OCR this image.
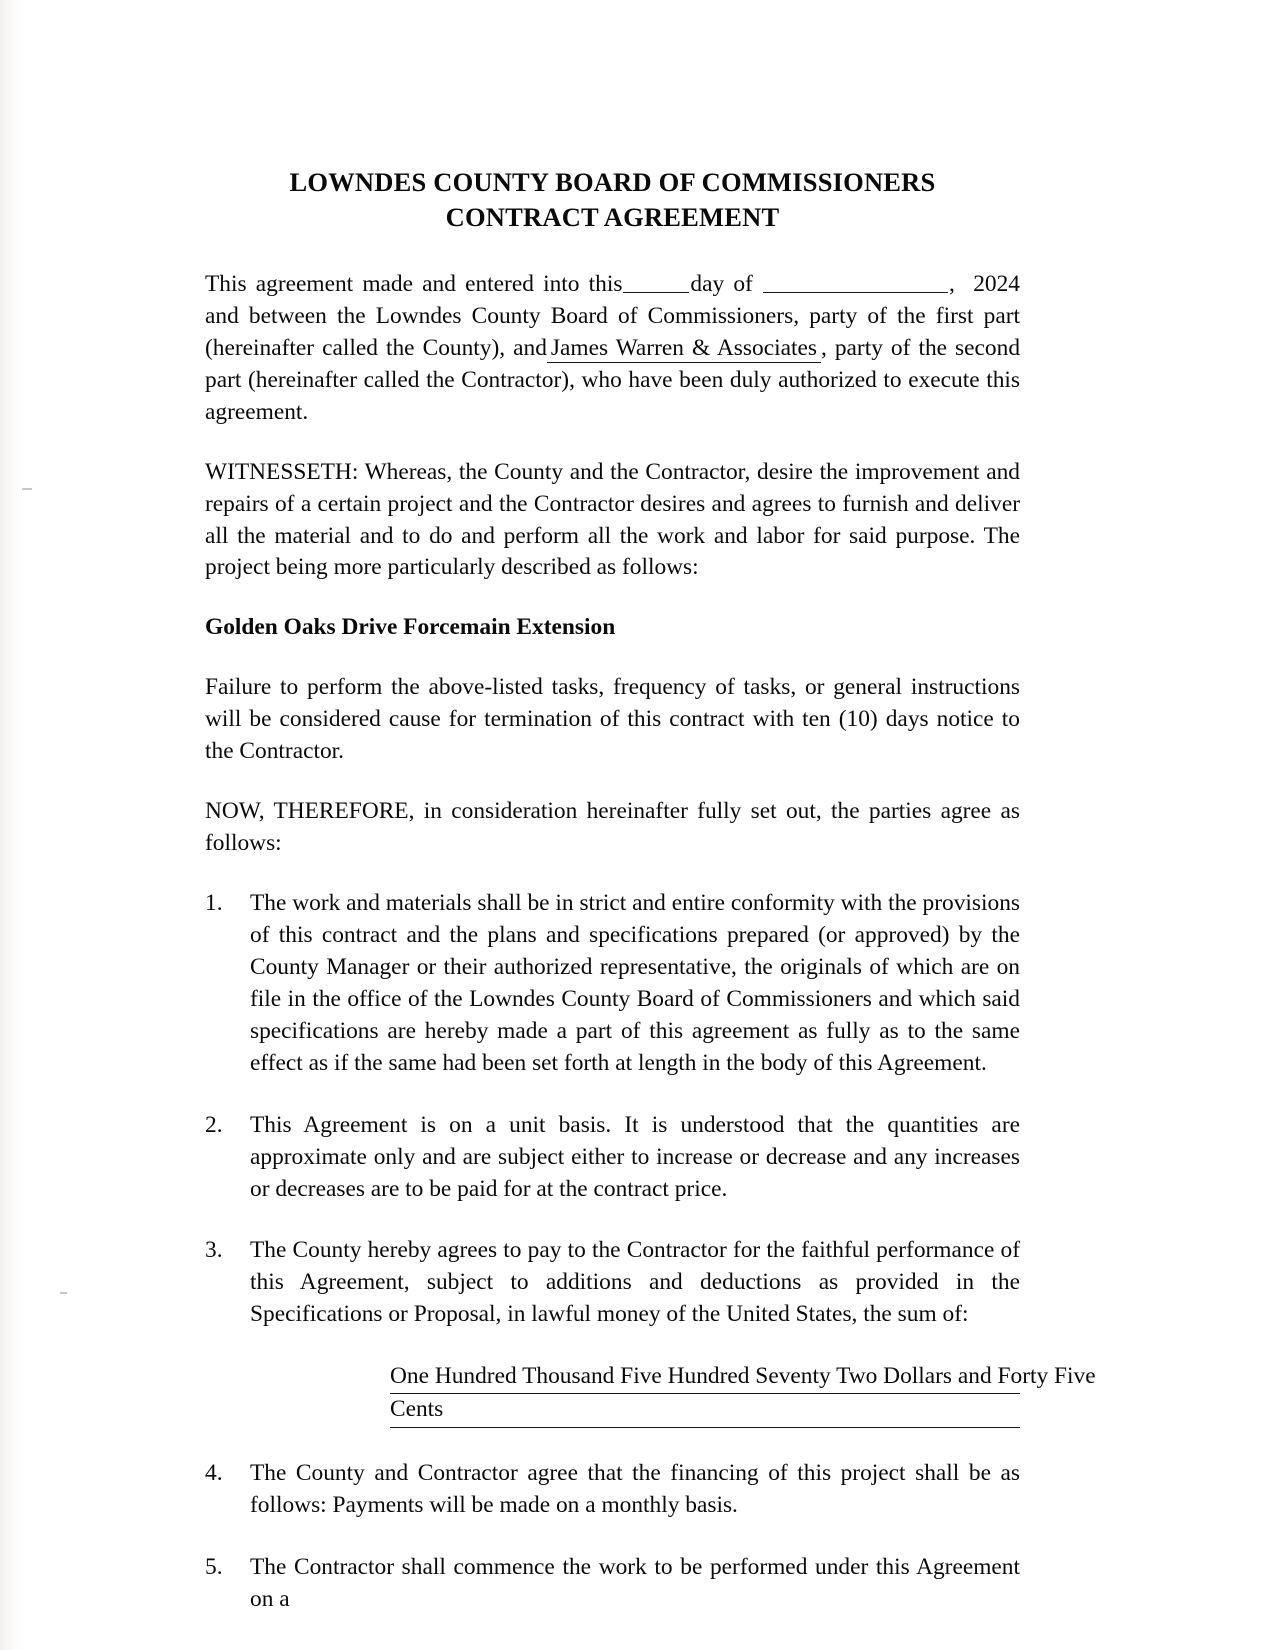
LOWNDES COUNTY BOARD OF COMMISSIONERS
CONTRACT AGREEMENT

This agreement made and entered into this	day of	,  2024 and between the Lowndes County Board of Commissioners, party of the first part (hereinafter called the County), and James Warren & Associates , party of the second part (hereinafter called the Contractor), who have been duly authorized to execute this agreement.

WITNESSETH: Whereas, the County and the Contractor, desire the improvement and repairs of a certain project and the Contractor desires and agrees to furnish and deliver all the material and to do and perform all the work and labor for said purpose. The project being more particularly described as follows:

Golden Oaks Drive Forcemain Extension

Failure to perform the above-listed tasks, frequency of tasks, or general instructions will be considered cause for termination of this contract with ten (10) days notice to the Contractor.

NOW, THEREFORE, in consideration hereinafter fully set out, the parties agree as follows:

1.	The work and materials shall be in strict and entire conformity with the provisions of this contract and the plans and specifications prepared (or approved) by the County Manager or their authorized representative, the originals of which are on file in the office of the Lowndes County Board of Commissioners and which said specifications are hereby made a part of this agreement as fully as to the same effect as if the same had been set forth at length in the body of this Agreement.
2.	This Agreement is on a unit basis. It is understood that the quantities are approximate only and are subject either to increase or decrease and any increases or decreases are to be paid for at the contract price.
3.	The County hereby agrees to pay to the Contractor for the faithful performance of this Agreement, subject to additions and deductions as provided in the Specifications or Proposal, in lawful money of the United States, the sum of:
One Hundred Thousand Five Hundred Seventy Two Dollars and Forty Five
Cents
4.	The County and Contractor agree that the financing of this project shall be as follows: Payments will be made on a monthly basis.
5.	The Contractor shall commence the work to be performed under this Agreement on a
